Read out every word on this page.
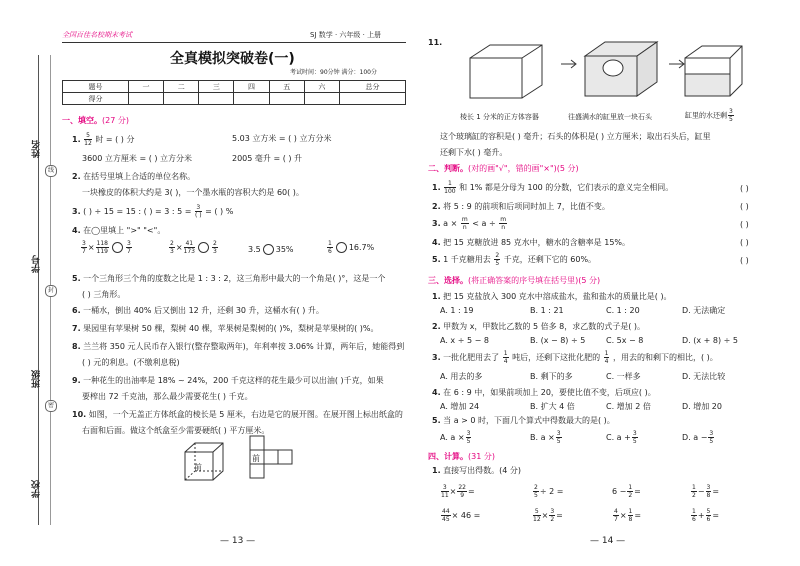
姓名
学号
班级
学校
线
封
密
全国百佳名校期末考试	SJ 数学 · 六年级 · 上册
全真模拟突破卷(一)
考试时间：90分钟 满分：100分
题号	一	二	三	四	五	六	总分
得分							
一、填空。(27 分)
1. $\frac{5}{12}$ 时 = ( ) 分	5.03 立方米 = ( ) 立方分米
3600 立方厘米 = ( ) 立方分米	2005 毫升 = ( ) 升
2. 在括号里填上合适的单位名称。
一块橡皮的体积大约是 3( )，一个墨水瓶的容积大约是 60( )。
3. ( ) ÷ 15 = 15 : ( ) = 3 : $5 = \frac{3}{( )}$ = ( ) %
4. 在◯里填上 ">" "<"。
$\frac{3}{7} \times \frac{118}{119}$	$\frac{3}{7}$	$\frac{2}{3} \times \frac{41}{173}$	$\frac{2}{3}$	3.5 35%	$\frac{1}{6} 16.7\%$
5. 一个三角形三个角的度数之比是 1 : 3 : 2，这三角形中最大的一个角是( )°，这是一个
( ) 三角形。
6. 一桶水，倒出 40% 后又倒出 12 升，还剩 30 升，这桶水有( ) 升。
7. 果园里有苹果树 50 棵，梨树 40 棵，苹果树是梨树的( )%，梨树是苹果树的( )%。
8. 兰兰将 350 元人民币存入银行(整存整取两年)，年利率按 3.06% 计算，两年后，她能得到
( ) 元的利息。(不缴利息税)
9. 一种花生的出油率是 18% ~ 24%，200 千克这样的花生最少可以出油( )千克，如果
要榨出 72 千克油，那么最少需要花生( ) 千克。
10. 如图，一个无盖正方体纸盒的棱长是 5 厘米，右边是它的展开图。在展开图上标出纸盒的
右面和后面。做这个纸盒至少需要硬纸( ) 平方厘米。
前
前
— 13 —
11.
棱长 1 分米的正方体容器	往盛满水的缸里放一块石头	缸里的水还剩 $\frac{3}{5}$
这个玻璃缸的容积是( ) 毫升；石头的体积是( ) 立方厘米；取出石头后，缸里
还剩下水( ) 毫升。
二、判断。(对的画"√"，错的画"×")(5 分)
1. $\frac{1}{100}$ 和 1% 都是分母为 100 的分数，它们表示的意义完全相同。	( )
2. 将 5 : 9 的前项和后项同时加上 7，比值不变。	( )
3. $a \times \frac{m}{n} < a \div \frac{m}{n}$	( )
4. 把 15 克糖放进 85 克水中，糖水的含糖率是 15%。	( )
5. 1 千克糖用去 $\frac{2}{5}$ 千克，还剩下它的 60%。	( )
三、选择。(将正确答案的序号填在括号里)(5 分)
1. 把 15 克盐放入 300 克水中溶成盐水，盐和盐水的质量比是( )。
A. 1 : 19	B. 1 : 21	C. 1 : 20	D. 无法确定
2. 甲数为 x，甲数比乙数的 5 倍多 8，求乙数的式子是( )。
A. x ÷ 5 − 8	B. (x − 8) ÷ 5	C. 5x − 8	D. (x + 8) ÷ 5
3. 一批化肥用去了 $\frac{1}{4}$ 吨后，还剩下这批化肥的 $\frac{1}{4}$ ，用去的和剩下的相比，( )。
A. 用去的多	B. 剩下的多	C. 一样多	D. 无法比较
4. 在 6 : 9 中，如果前项加上 20，要使比值不变，后项应( )。
A. 增加 24	B. 扩大 4 倍	C. 增加 2 倍	D. 增加 20
5. 当 a > 0 时，下面几个算式中得数最大的是( )。
A. $a \times \frac{3}{5}$	B. $a \times \frac{3}{5}$	C. $a + \frac{3}{5}$	D. $a - \frac{3}{5}$
四、计算。(31 分)
1. 直接写出得数。(4 分)
$\frac{3}{11} \times \frac{22}{9}$ =	$\frac{2}{5} \div 2$ =	$6 - \frac{1}{2}$ =	$\frac{1}{2} - \frac{3}{8}$ =
$\frac{44}{45} \times 46$ =	$\frac{5}{12} \times \frac{3}{2}$ =	$\frac{4}{7} \times \frac{1}{8}$ =	$\frac{1}{6} + \frac{5}{6}$ =
— 14 —
